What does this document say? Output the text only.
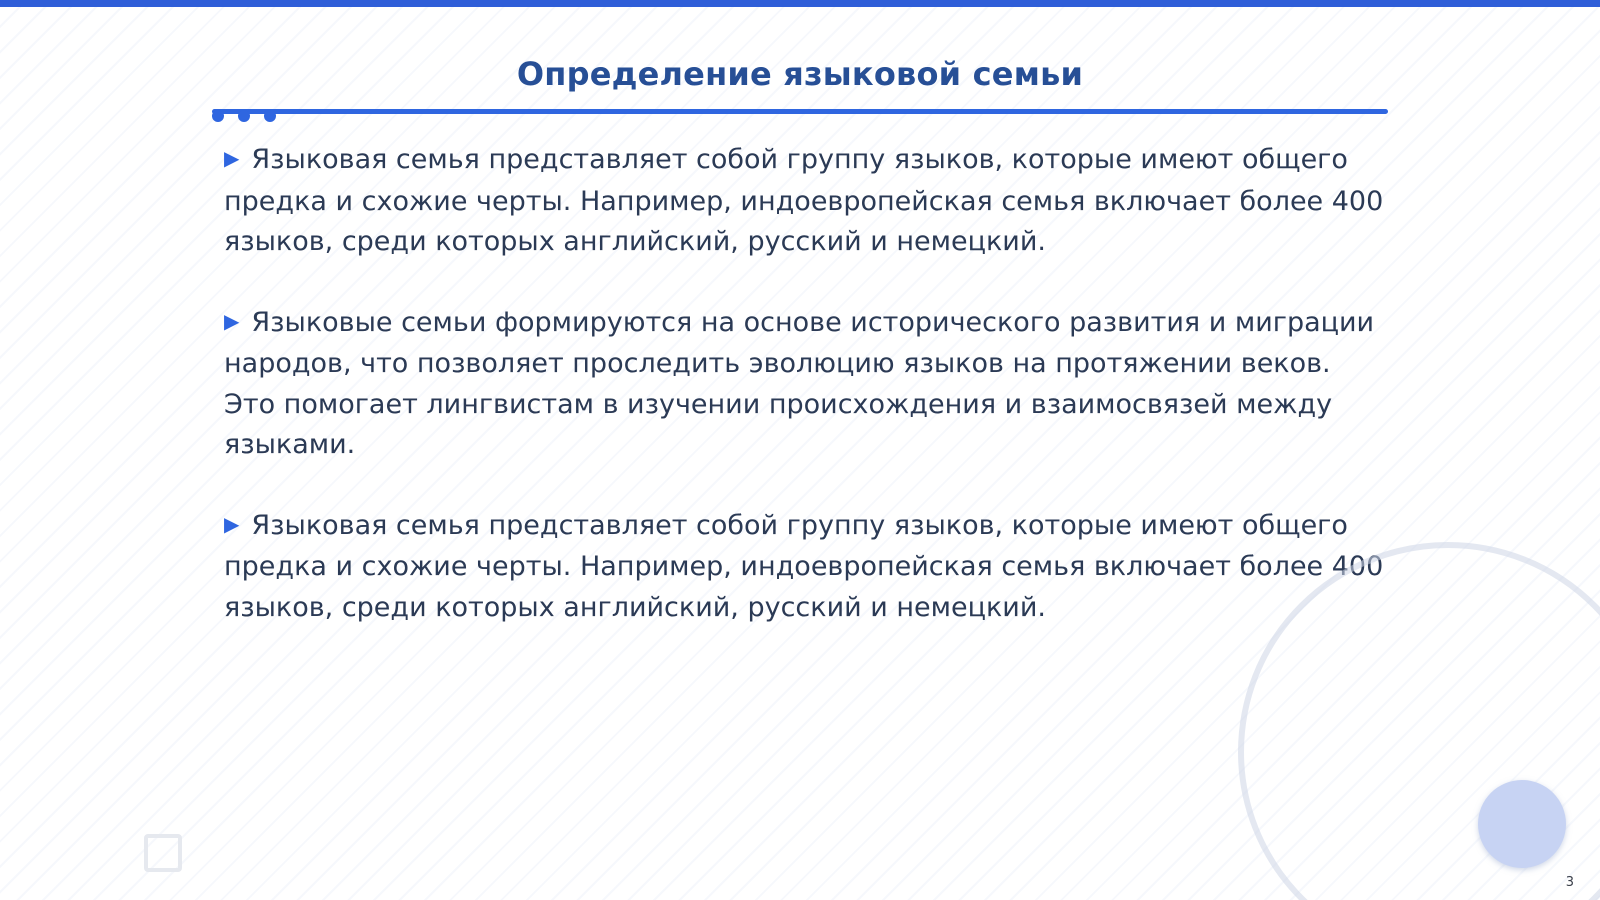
Определение языковой семьи
▶ Языковая семья представляет собой группу языков, которые имеют общего предка и схожие черты. Например, индоевропейская семья включает более 400 языков, среди которых английский, русский и немецкий.
▶ Языковые семьи формируются на основе исторического развития и миграции народов, что позволяет проследить эволюцию языков на протяжении веков. Это помогает лингвистам в изучении происхождения и взаимосвязей между языками.
▶ Языковая семья представляет собой группу языков, которые имеют общего предка и схожие черты. Например, индоевропейская семья включает более 400 языков, среди которых английский, русский и немецкий.
3
